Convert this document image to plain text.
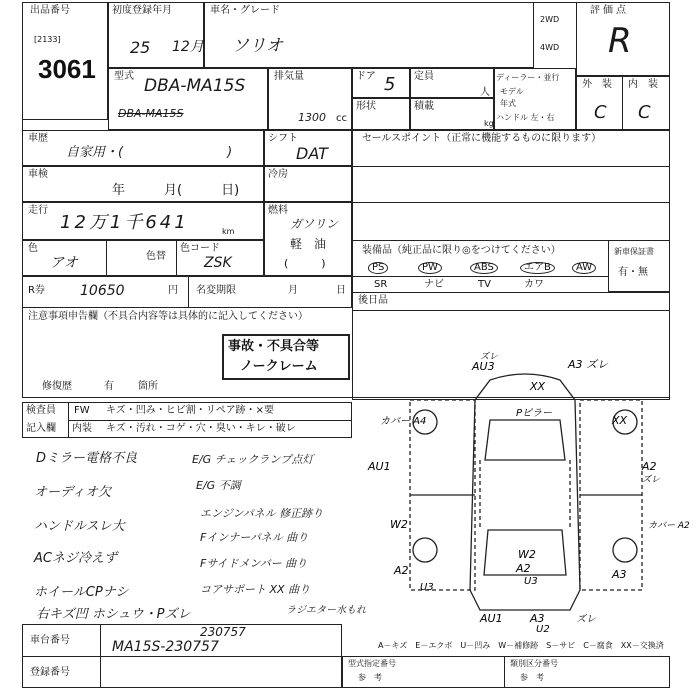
出品番号
[2133]
3061
初度登録年月
25 12月
車名・グレード
ソリオ
2WD
4WD
評価点
R
型式 DBA-MA15S
DBA-MA15S
排気量
1300 cc
ドア 5 定員
人
形状	積載
kg
ディーラー・並行
モデル
年式
ハンドル 左・右
外　装 内　装
C C
車歴
自家用・(　　　　　　　　)
シフト
DAT
車検
年　　　月(　　　日)
冷房
走行
12万1千641	km
燃料
ガソリン
軽　油
(　　　)
色
アオ	色替
色コード
ZSK
R券	10650	円 名変期限	月	日
セールスポイント（正常に機能するものに限ります）
装備品（純正品に限り◎をつけてください）	新車保証書
有・無
PS	PW	ABS	エアB	AW
SR	ナビ	TV	カワ
後日品
注意事項申告欄（不具合内容等は具体的に記入してください）
事故・不具合等
ノークレーム
修復歴	有 箇所
検査員
記入欄
FW キズ・凹み・ヒビ割・リペア跡・×要
内装 キズ・汚れ・コゲ・穴・臭い・キレ・破レ
Dミラー電格不良
オーディオ欠
ハンドルスレ大
ACネジ冷えず
ホイールCPナシ
E/G チェックランプ点灯
E/G 不調
エンジンパネル 修正跡り
Fインナーパネル 曲り
Fサイドメンバー 曲り
コアサポート XX 曲り
右キズ凹 ホシュウ・Pズレ	ラジエター水もれ
AU3
ズレ
A3 ズレ
XX
Pピラー
カバー A4
AU1
W2
A2
U3
XX
A2
ズレ
カバー A2
A3
W2
A2
U3
AU1 A3
U2
ズレ
A－キズ　E－エクボ　U－凹み　W－補修跡　S－サビ　C－腐食　XX－交換済
車台番号
230757
MA15S-230757
登録番号
型式指定番号
参　考
類別区分番号
参　考
